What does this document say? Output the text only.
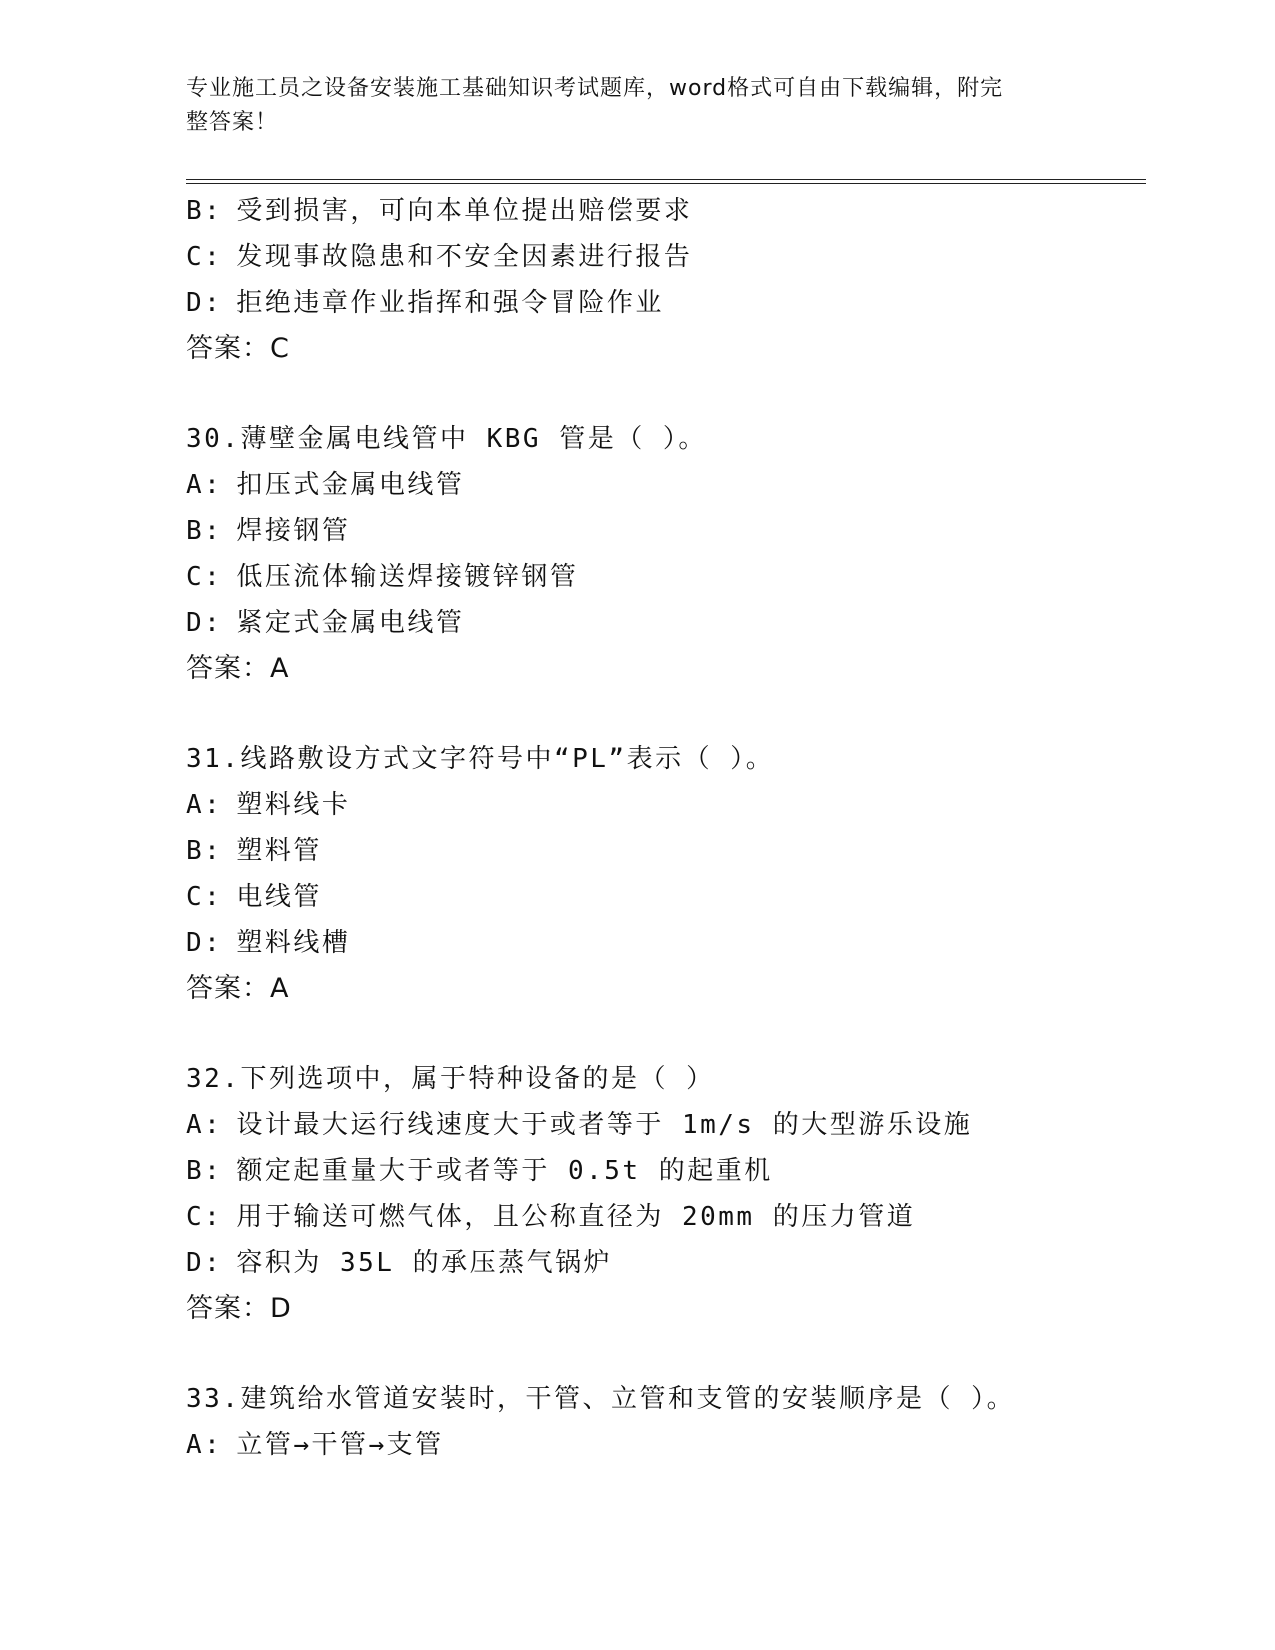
专业施工员之设备安装施工基础知识考试题库，word格式可自由下载编辑，附完
整答案！
B: 受到损害，可向本单位提出赔偿要求
C: 发现事故隐患和不安全因素进行报告
D: 拒绝违章作业指挥和强令冒险作业
答案：C
30.薄壁金属电线管中 KBG 管是（ ）。
A: 扣压式金属电线管
B: 焊接钢管
C: 低压流体输送焊接镀锌钢管
D: 紧定式金属电线管
答案：A
31.线路敷设方式文字符号中“PL”表示（ ）。
A: 塑料线卡
B: 塑料管
C: 电线管
D: 塑料线槽
答案：A
32.下列选项中，属于特种设备的是（ ）
A: 设计最大运行线速度大于或者等于 1m/s 的大型游乐设施
B: 额定起重量大于或者等于 0.5t 的起重机
C: 用于输送可燃气体，且公称直径为 20mm 的压力管道
D: 容积为 35L 的承压蒸气锅炉
答案：D
33.建筑给水管道安装时，干管、立管和支管的安装顺序是（ ）。
A: 立管→干管→支管
